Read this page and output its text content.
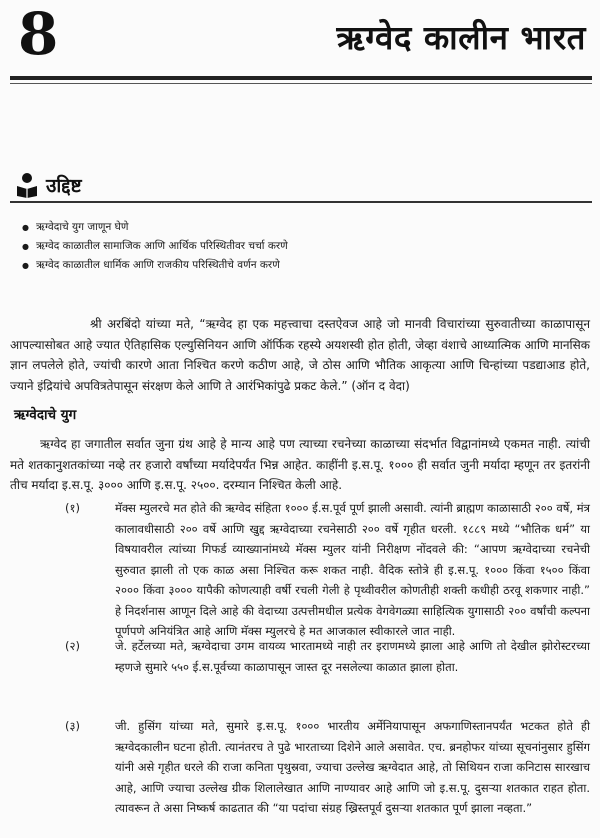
8	ऋग्वेद कालीन भारत
उद्दिष्ट
● ऋग्वेदाचे युग जाणून घेणे
● ऋग्वेद काळातील सामाजिक आणि आर्थिक परिस्थितीवर चर्चा करणे
● ऋग्वेद काळातील धार्मिक आणि राजकीय परिस्थितीचे वर्णन करणे

श्री अरबिंदो यांच्या मते, “ऋग्वेद हा एक महत्त्वाचा दस्तऐवज आहे जो मानवी विचारांच्या सुरुवातीच्या काळापासून आपल्यासोबत आहे ज्यात ऐतिहासिक एल्युसिनियन आणि ऑर्फिक रहस्ये अयशस्वी होत होती, जेव्हा वंशाचे आध्यात्मिक आणि मानसिक ज्ञान लपलेले होते, ज्यांची कारणे आता निश्चित करणे कठीण आहे, जे ठोस आणि भौतिक आकृत्या आणि चिन्हांच्या पडद्याआड होते, ज्याने इंद्रियांचे अपवित्रतेपासून संरक्षण केले आणि ते आरंभिकांपुढे प्रकट केले.” (ऑन द वेदा)

ऋग्वेदाचे युग

ऋग्वेद हा जगातील सर्वात जुना ग्रंथ आहे हे मान्य आहे पण त्याच्या रचनेच्या काळाच्या संदर्भात विद्वानांमध्ये एकमत नाही. त्यांची मते शतकानुशतकांच्या नव्हे तर हजारो वर्षांच्या मर्यादेपर्यंत भिन्न आहेत. काहींनी इ.स.पू. १००० ही सर्वात जुनी मर्यादा म्हणून तर इतरांनी तीच मर्यादा इ.स.पू. ३००० आणि इ.स.पू. २५००. दरम्यान निश्चित केली आहे.

(१)	मॅक्स म्युलरचे मत होते की ऋग्वेद संहिता १००० ई.स.पूर्व पूर्ण झाली असावी. त्यांनी ब्राह्मण काळासाठी २०० वर्षे, मंत्र कालावधीसाठी २०० वर्षे आणि खुद्द ऋग्वेदाच्या रचनेसाठी २०० वर्षे गृहीत धरली. १८८९ मध्ये “भौतिक धर्म” या विषयावरील त्यांच्या गिफर्ड व्याख्यानांमध्ये मॅक्स म्युलर यांनी निरीक्षण नोंदवले की: “आपण ऋग्वेदाच्या रचनेची सुरुवात झाली तो एक काळ असा निश्चित करू शकत नाही. वैदिक स्तोत्रे ही इ.स.पू. १००० किंवा १५०० किंवा २००० किंवा ३००० यापैकी कोणत्याही वर्षी रचली गेली हे पृथ्वीवरील कोणतीही शक्ती कधीही ठरवू शकणार नाही.” हे निदर्शनास आणून दिले आहे की वेदाच्या उत्पत्तीमधील प्रत्येक वेगवेगळ्या साहित्यिक युगासाठी २०० वर्षांची कल्पना पूर्णपणे अनियंत्रित आहे आणि मॅक्स म्युलरचे हे मत आजकाल स्वीकारले जात नाही.
(२)	जे. हर्टेलच्या मते, ऋग्वेदाचा उगम वायव्य भारतामध्ये नाही तर इराणमध्ये झाला आहे आणि तो देखील झोरोस्टरच्या म्हणजे सुमारे ५५० ई.स.पूर्वच्या काळापासून जास्त दूर नसलेल्या काळात झाला होता.
(३)	जी. हुसिंग यांच्या मते, सुमारे इ.स.पू. १००० भारतीय अर्मेनियापासून अफगाणिस्तानपर्यंत भटकत होते ही ऋग्वेदकालीन घटना होती. त्यानंतरच ते पुढे भारताच्या दिशेने आले असावेत. एच. ब्रनहोफर यांच्या सूचनांनुसार हुसिंग यांनी असे गृहीत धरले की राजा कनिता पृथुस्रवा, ज्याचा उल्लेख ऋग्वेदात आहे, तो सिथियन राजा कनिटास सारखाच आहे, आणि ज्याचा उल्लेख ग्रीक शिलालेखात आणि नाण्यावर आहे आणि जो इ.स.पू. दुसऱ्या शतकात राहत होता. त्यावरून ते असा निष्कर्ष काढतात की “या पदांचा संग्रह ख्रिस्तपूर्व दुसऱ्या शतकात पूर्ण झाला नव्हता.”
